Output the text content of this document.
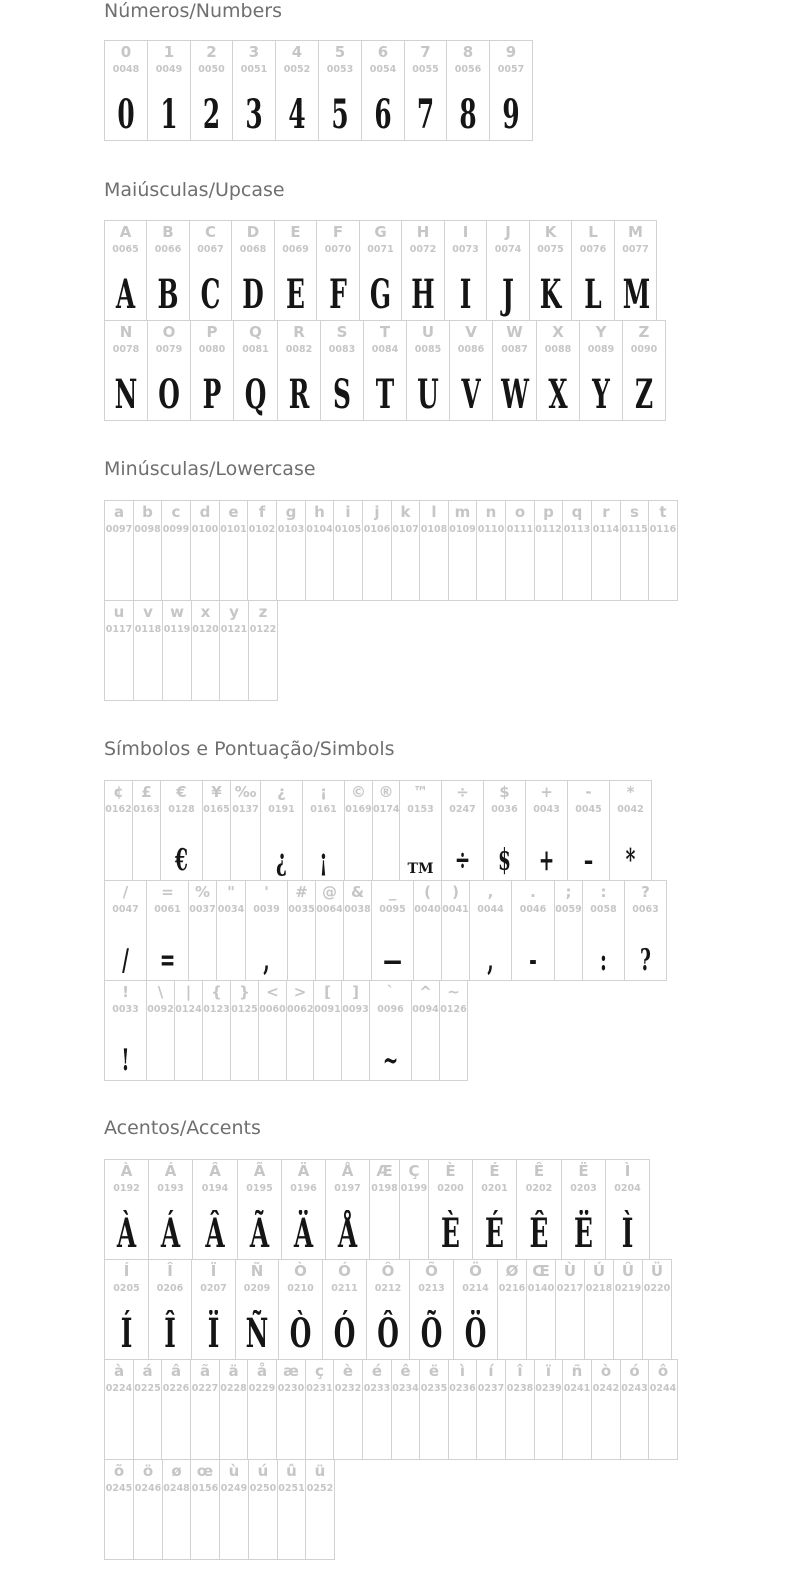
Números/Numbers
0
0048
0
1
0049
1
2
0050
2
3
0051
3
4
0052
4
5
0053
5
6
0054
6
7
0055
7
8
0056
8
9
0057
9
Maiúsculas/Upcase
A
0065
A
B
0066
B
C
0067
C
D
0068
D
E
0069
E
F
0070
F
G
0071
G
H
0072
H
I
0073
I
J
0074
J
K
0075
K
L
0076
L
M
0077
M
N
0078
N
O
0079
O
P
0080
P
Q
0081
Q
R
0082
R
S
0083
S
T
0084
T
U
0085
U
V
0086
V
W
0087
W
X
0088
X
Y
0089
Y
Z
0090
Z
Minúsculas/Lowercase
a
0097
b
0098
c
0099
d
0100
e
0101
f
0102
g
0103
h
0104
i
0105
j
0106
k
0107
l
0108
m
0109
n
0110
o
0111
p
0112
q
0113
r
0114
s
0115
t
0116
u
0117
v
0118
w
0119
x
0120
y
0121
z
0122
Símbolos e Pontuação/Simbols
¢
0162
£
0163
€
0128
€
¥
0165
‰
0137
¿
0191
¿
¡
0161
¡
©
0169
®
0174
™
0153
TM
÷
0247
÷
$
0036
$
+
0043
+
-
0045
–
*
0042
*
/
0047
/
=
0061
=
%
0037
"
0034
'
0039
,
#
0035
@
0064
&
0038
_
0095
—
(
0040
)
0041
,
0044
,
.
0046
-
;
0059
:
0058
:
?
0063
?
!
0033
!
\
0092
|
0124
{
0123
}
0125
<
0060
>
0062
[
0091
]
0093
`
0096
~
^
0094
~
0126
Acentos/Accents
À
0192
À
Á
0193
Á
Â
0194
Â
Ã
0195
Ã
Ä
0196
Ä
Å
0197
Å
Æ
0198
Ç
0199
È
0200
È
É
0201
É
Ê
0202
Ê
Ë
0203
Ë
Ì
0204
Ì
Í
0205
Í
Î
0206
Î
Ï
0207
Ï
Ñ
0209
Ñ
Ò
0210
Ò
Ó
0211
Ó
Ô
0212
Ô
Õ
0213
Õ
Ö
0214
Ö
Ø
0216
Œ
0140
Ù
0217
Ú
0218
Û
0219
Ü
0220
à
0224
á
0225
â
0226
ã
0227
ä
0228
å
0229
æ
0230
ç
0231
è
0232
é
0233
ê
0234
ë
0235
ì
0236
í
0237
î
0238
ï
0239
ñ
0241
ò
0242
ó
0243
ô
0244
õ
0245
ö
0246
ø
0248
œ
0156
ù
0249
ú
0250
û
0251
ü
0252
